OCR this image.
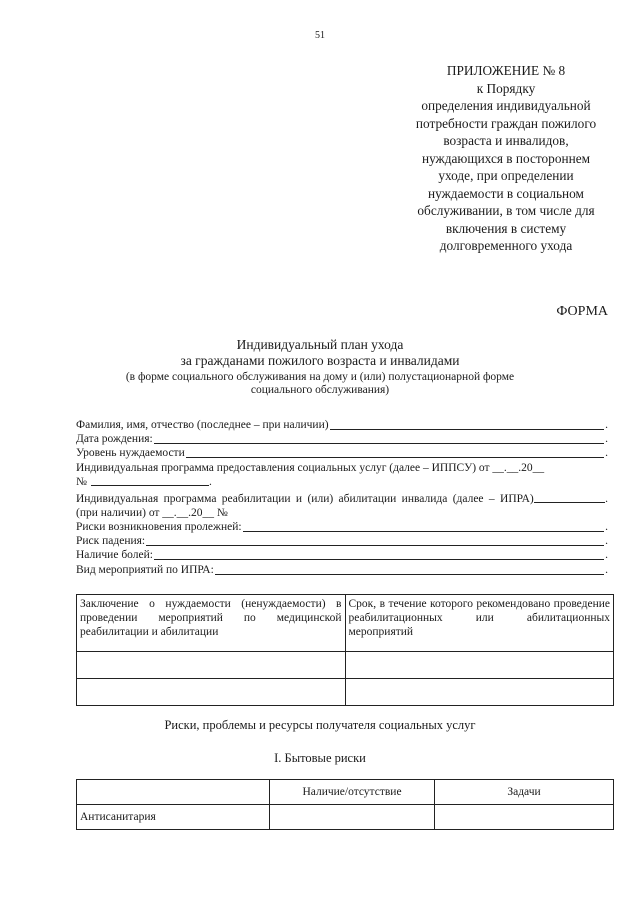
51
ПРИЛОЖЕНИЕ № 8
к Порядку
определения индивидуальной
потребности граждан пожилого
возраста и инвалидов,
нуждающихся в постороннем
уходе, при определении
нуждаемости в социальном
обслуживании, в том числе для
включения в систему
долговременного ухода
ФОРМА
Индивидуальный план ухода
за гражданами пожилого возраста и инвалидами
(в форме социального обслуживания на дому и (или) полустационарной форме социального обслуживания)
Фамилия, имя, отчество (последнее – при наличии)	.
Дата рождения:	.
Уровень нуждаемости	.
Индивидуальная программа предоставления социальных услуг (далее – ИППСУ) от __.__.20__
№	.
Индивидуальная программа реабилитации и (или) абилитации инвалида (далее – ИПРА) (при наличии) от __.__.20__ №
.
Риски возникновения пролежней:	.
Риск падения:	.
Наличие болей:	.
Вид мероприятий по ИПРА:	.
Заключение о нуждаемости (ненуждаемости) в проведении мероприятий по медицинской реабилитации и абилитации	Срок, в течение которого рекомендовано проведение реабилитационных или абилитационных мероприятий

Риски, проблемы и ресурсы получателя социальных услуг
I. Бытовые риски
	Наличие/отсутствие	Задачи
Антисанитария		
